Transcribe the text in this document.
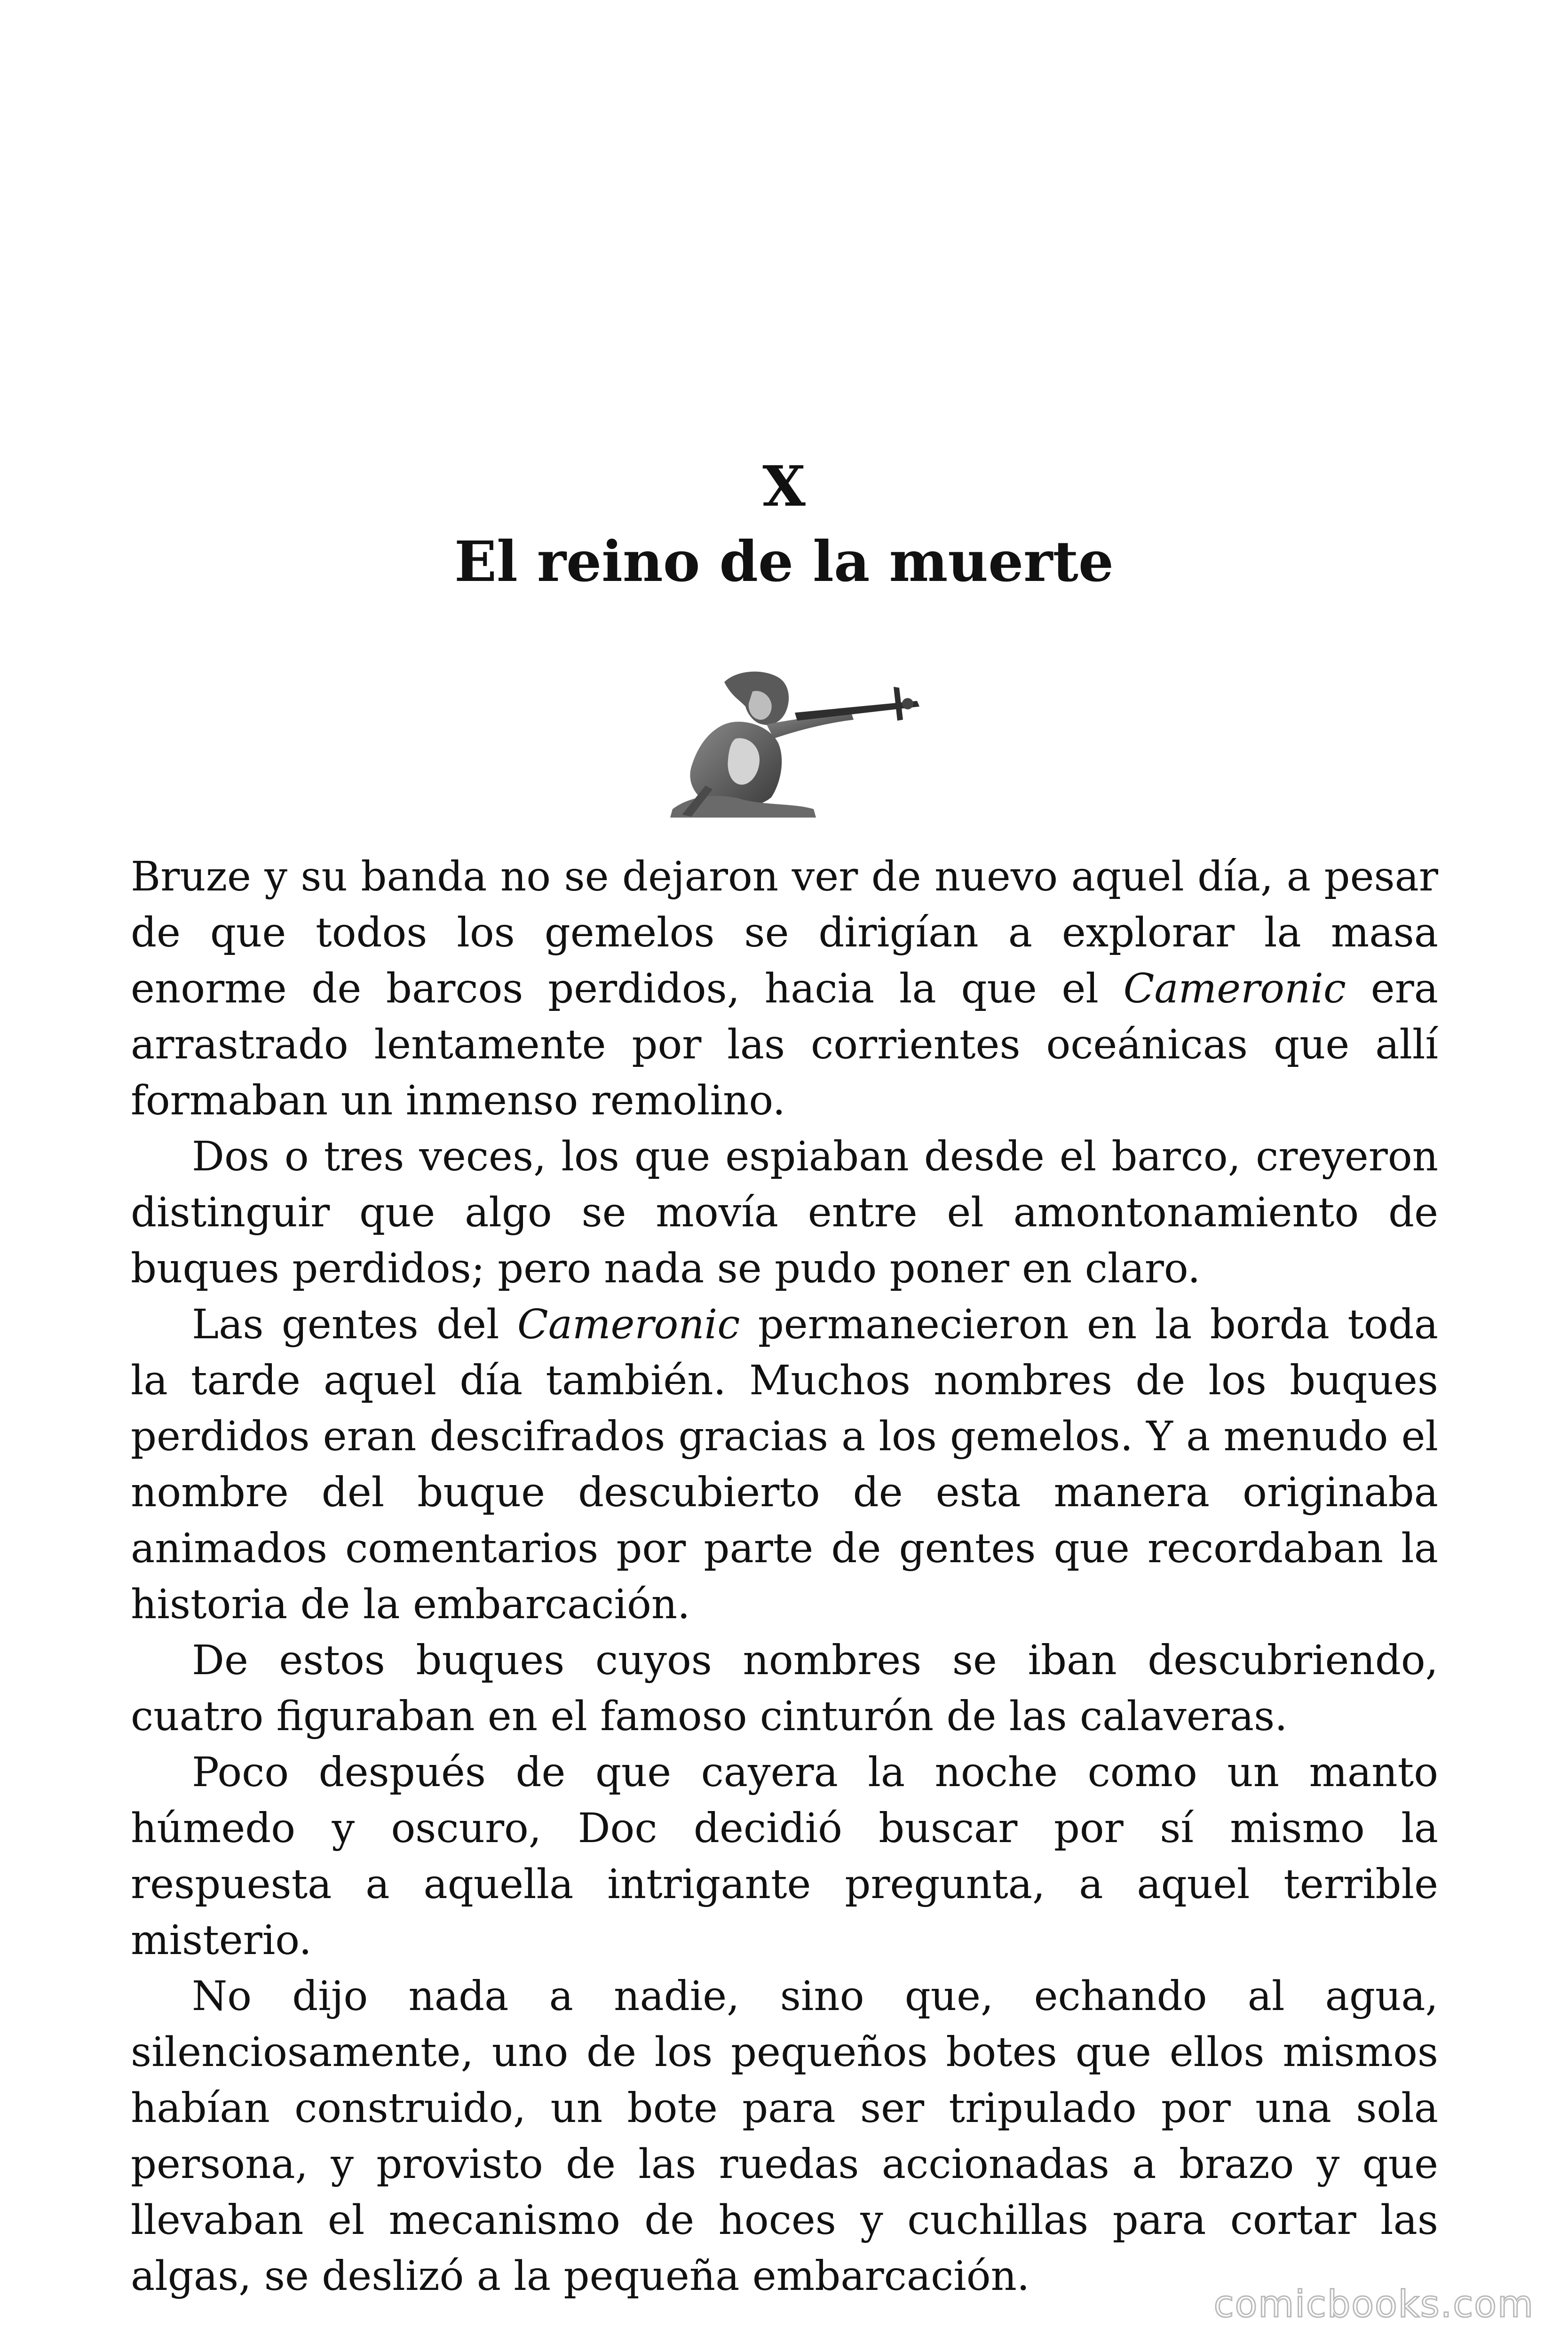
X
El reino de la muerte

Bruze y su banda no se dejaron ver de nuevo aquel día, a pesar de que todos los gemelos se dirigían a explorar la masa enorme de barcos perdidos, hacia la que el Cameronic era arrastrado lentamente por las corrientes oceánicas que allí formaban un inmenso remolino.

Dos o tres veces, los que espiaban desde el barco, creyeron distinguir que algo se movía entre el amontonamiento de buques perdidos; pero nada se pudo poner en claro.

Las gentes del Cameronic permanecieron en la borda toda la tarde aquel día también. Muchos nombres de los buques perdidos eran descifrados gracias a los gemelos. Y a menudo el nombre del buque descubierto de esta manera originaba animados comentarios por parte de gentes que recordaban la historia de la embarcación.

De estos buques cuyos nombres se iban descubriendo, cuatro figuraban en el famoso cinturón de las calaveras.

Poco después de que cayera la noche como un manto húmedo y oscuro, Doc decidió buscar por sí mismo la respuesta a aquella intrigante pregunta, a aquel terrible misterio.

No dijo nada a nadie, sino que, echando al agua, silenciosamente, uno de los pequeños botes que ellos mismos habían construido, un bote para ser tripulado por una sola persona, y provisto de las ruedas accionadas a brazo y que llevaban el mecanismo de hoces y cuchillas para cortar las algas, se deslizó a la pequeña embarcación.

comicbooks.com
